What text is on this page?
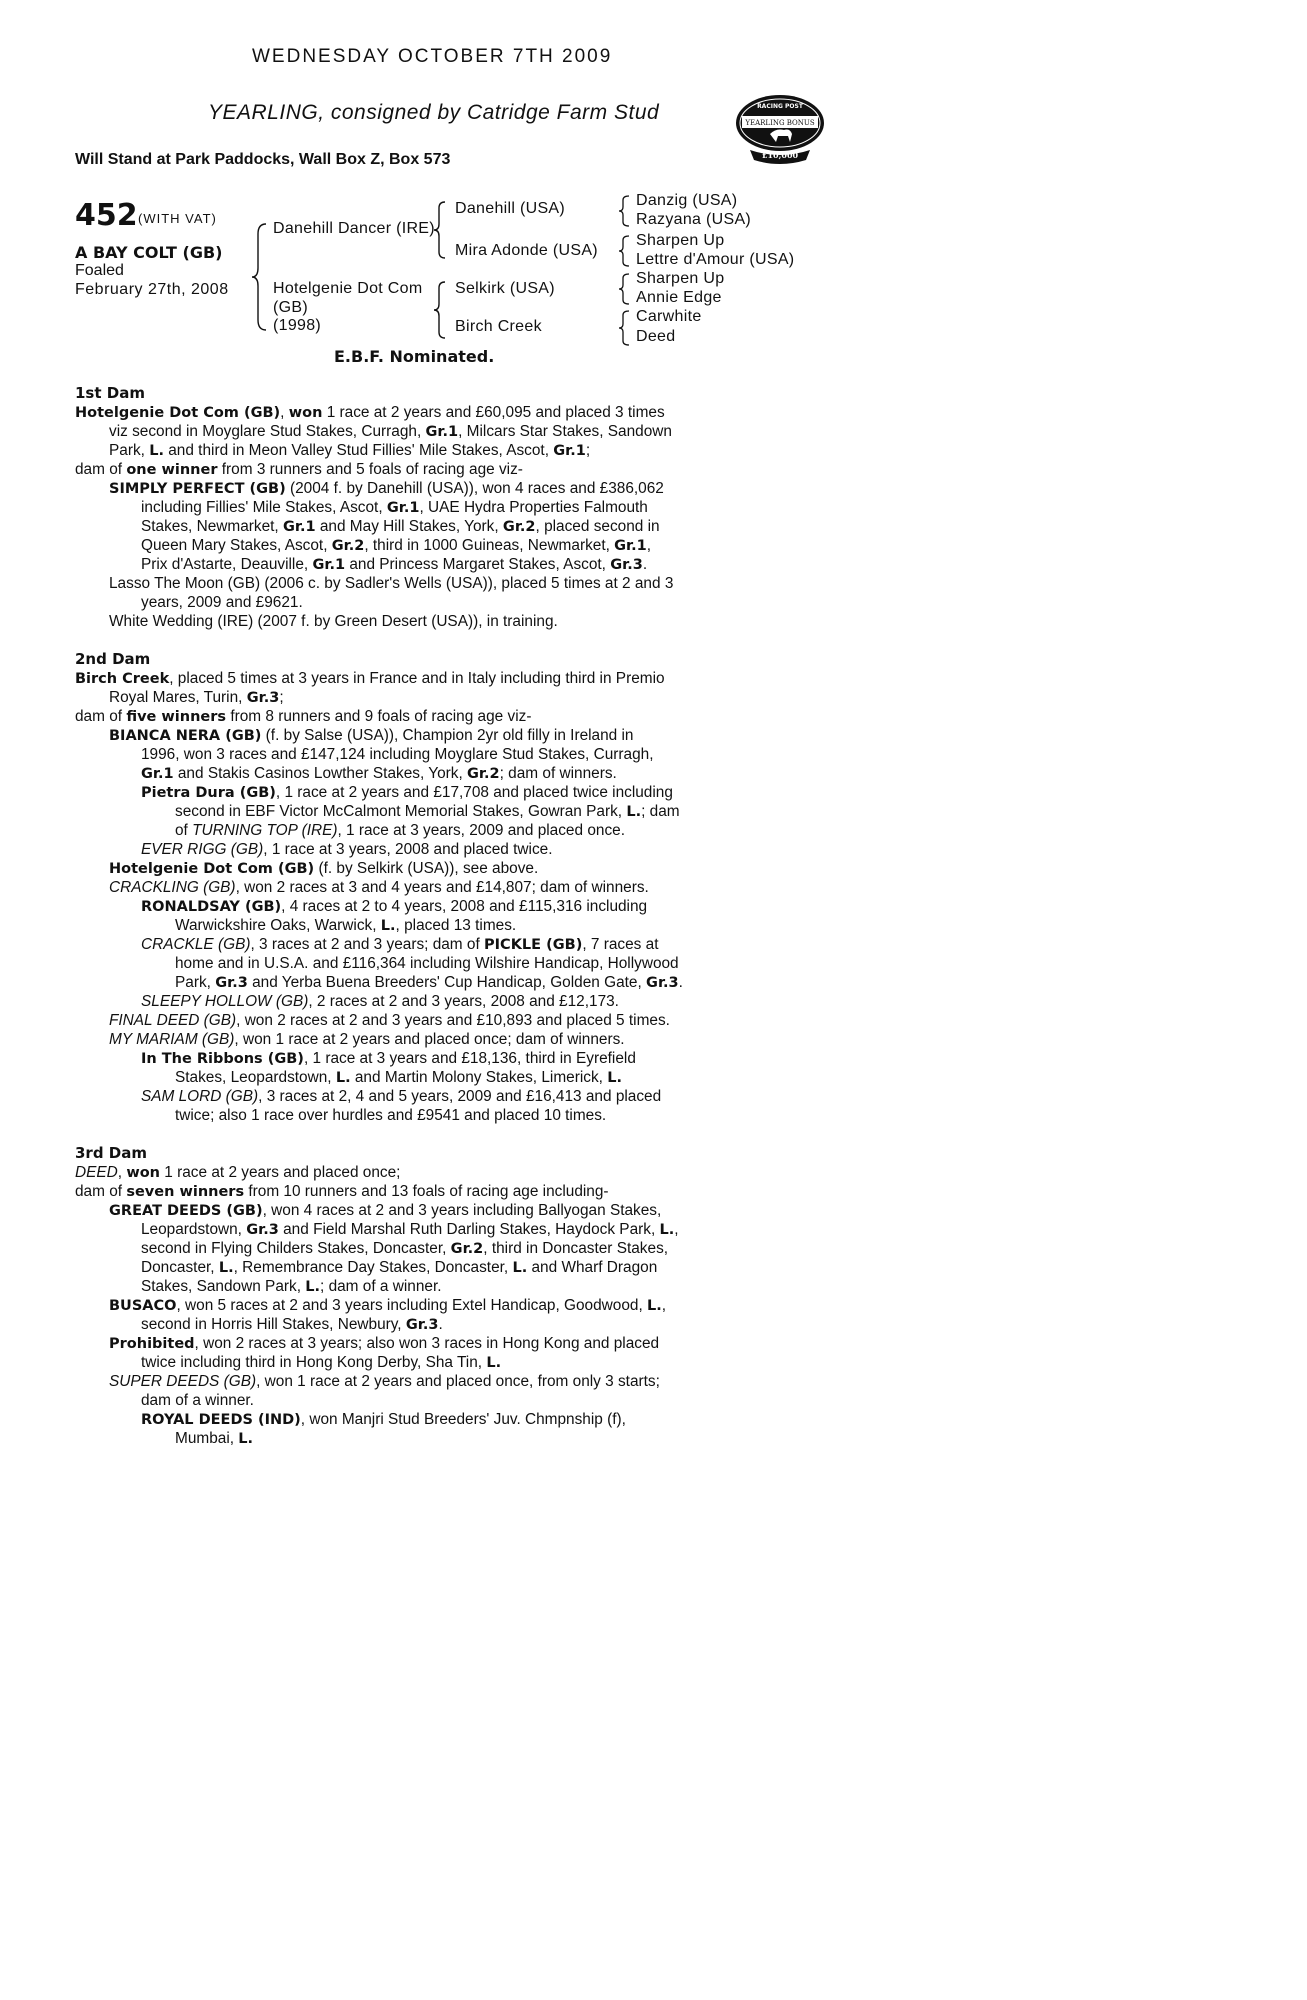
WEDNESDAY OCTOBER 7TH 2009
YEARLING, consigned by Catridge Farm Stud
Will Stand at Park Paddocks, Wall Box Z, Box 573
RACING POST
YEARLING BONUS
£10,000
452 (WITH VAT)
A BAY COLT (GB)
Foaled
February 27th, 2008
Danehill Dancer (IRE)
Hotelgenie Dot Com
(GB)
(1998)
Danehill (USA)
Mira Adonde (USA)
Selkirk (USA)
Birch Creek
Danzig (USA)
Razyana (USA)
Sharpen Up
Lettre d'Amour (USA)
Sharpen Up
Annie Edge
Carwhite
Deed
E.B.F. Nominated.
1st Dam
Hotelgenie Dot Com (GB), won 1 race at 2 years and £60,095 and placed 3 times
viz second in Moyglare Stud Stakes, Curragh, Gr.1, Milcars Star Stakes, Sandown
Park, L. and third in Meon Valley Stud Fillies' Mile Stakes, Ascot, Gr.1;
dam of one winner from 3 runners and 5 foals of racing age viz-
SIMPLY PERFECT (GB) (2004 f. by Danehill (USA)), won 4 races and £386,062
including Fillies' Mile Stakes, Ascot, Gr.1, UAE Hydra Properties Falmouth
Stakes, Newmarket, Gr.1 and May Hill Stakes, York, Gr.2, placed second in
Queen Mary Stakes, Ascot, Gr.2, third in 1000 Guineas, Newmarket, Gr.1,
Prix d'Astarte, Deauville, Gr.1 and Princess Margaret Stakes, Ascot, Gr.3.
Lasso The Moon (GB) (2006 c. by Sadler's Wells (USA)), placed 5 times at 2 and 3
years, 2009 and £9621.
White Wedding (IRE) (2007 f. by Green Desert (USA)), in training.
2nd Dam
Birch Creek, placed 5 times at 3 years in France and in Italy including third in Premio
Royal Mares, Turin, Gr.3;
dam of five winners from 8 runners and 9 foals of racing age viz-
BIANCA NERA (GB) (f. by Salse (USA)), Champion 2yr old filly in Ireland in
1996, won 3 races and £147,124 including Moyglare Stud Stakes, Curragh,
Gr.1 and Stakis Casinos Lowther Stakes, York, Gr.2; dam of winners.
Pietra Dura (GB), 1 race at 2 years and £17,708 and placed twice including
second in EBF Victor McCalmont Memorial Stakes, Gowran Park, L.; dam
of TURNING TOP (IRE), 1 race at 3 years, 2009 and placed once.
EVER RIGG (GB), 1 race at 3 years, 2008 and placed twice.
Hotelgenie Dot Com (GB) (f. by Selkirk (USA)), see above.
CRACKLING (GB), won 2 races at 3 and 4 years and £14,807; dam of winners.
RONALDSAY (GB), 4 races at 2 to 4 years, 2008 and £115,316 including
Warwickshire Oaks, Warwick, L., placed 13 times.
CRACKLE (GB), 3 races at 2 and 3 years; dam of PICKLE (GB), 7 races at
home and in U.S.A. and £116,364 including Wilshire Handicap, Hollywood
Park, Gr.3 and Yerba Buena Breeders' Cup Handicap, Golden Gate, Gr.3.
SLEEPY HOLLOW (GB), 2 races at 2 and 3 years, 2008 and £12,173.
FINAL DEED (GB), won 2 races at 2 and 3 years and £10,893 and placed 5 times.
MY MARIAM (GB), won 1 race at 2 years and placed once; dam of winners.
In The Ribbons (GB), 1 race at 3 years and £18,136, third in Eyrefield
Stakes, Leopardstown, L. and Martin Molony Stakes, Limerick, L.
SAM LORD (GB), 3 races at 2, 4 and 5 years, 2009 and £16,413 and placed
twice; also 1 race over hurdles and £9541 and placed 10 times.
3rd Dam
DEED, won 1 race at 2 years and placed once;
dam of seven winners from 10 runners and 13 foals of racing age including-
GREAT DEEDS (GB), won 4 races at 2 and 3 years including Ballyogan Stakes,
Leopardstown, Gr.3 and Field Marshal Ruth Darling Stakes, Haydock Park, L.,
second in Flying Childers Stakes, Doncaster, Gr.2, third in Doncaster Stakes,
Doncaster, L., Remembrance Day Stakes, Doncaster, L. and Wharf Dragon
Stakes, Sandown Park, L.; dam of a winner.
BUSACO, won 5 races at 2 and 3 years including Extel Handicap, Goodwood, L.,
second in Horris Hill Stakes, Newbury, Gr.3.
Prohibited, won 2 races at 3 years; also won 3 races in Hong Kong and placed
twice including third in Hong Kong Derby, Sha Tin, L.
SUPER DEEDS (GB), won 1 race at 2 years and placed once, from only 3 starts;
dam of a winner.
ROYAL DEEDS (IND), won Manjri Stud Breeders' Juv. Chmpnship (f),
Mumbai, L.
